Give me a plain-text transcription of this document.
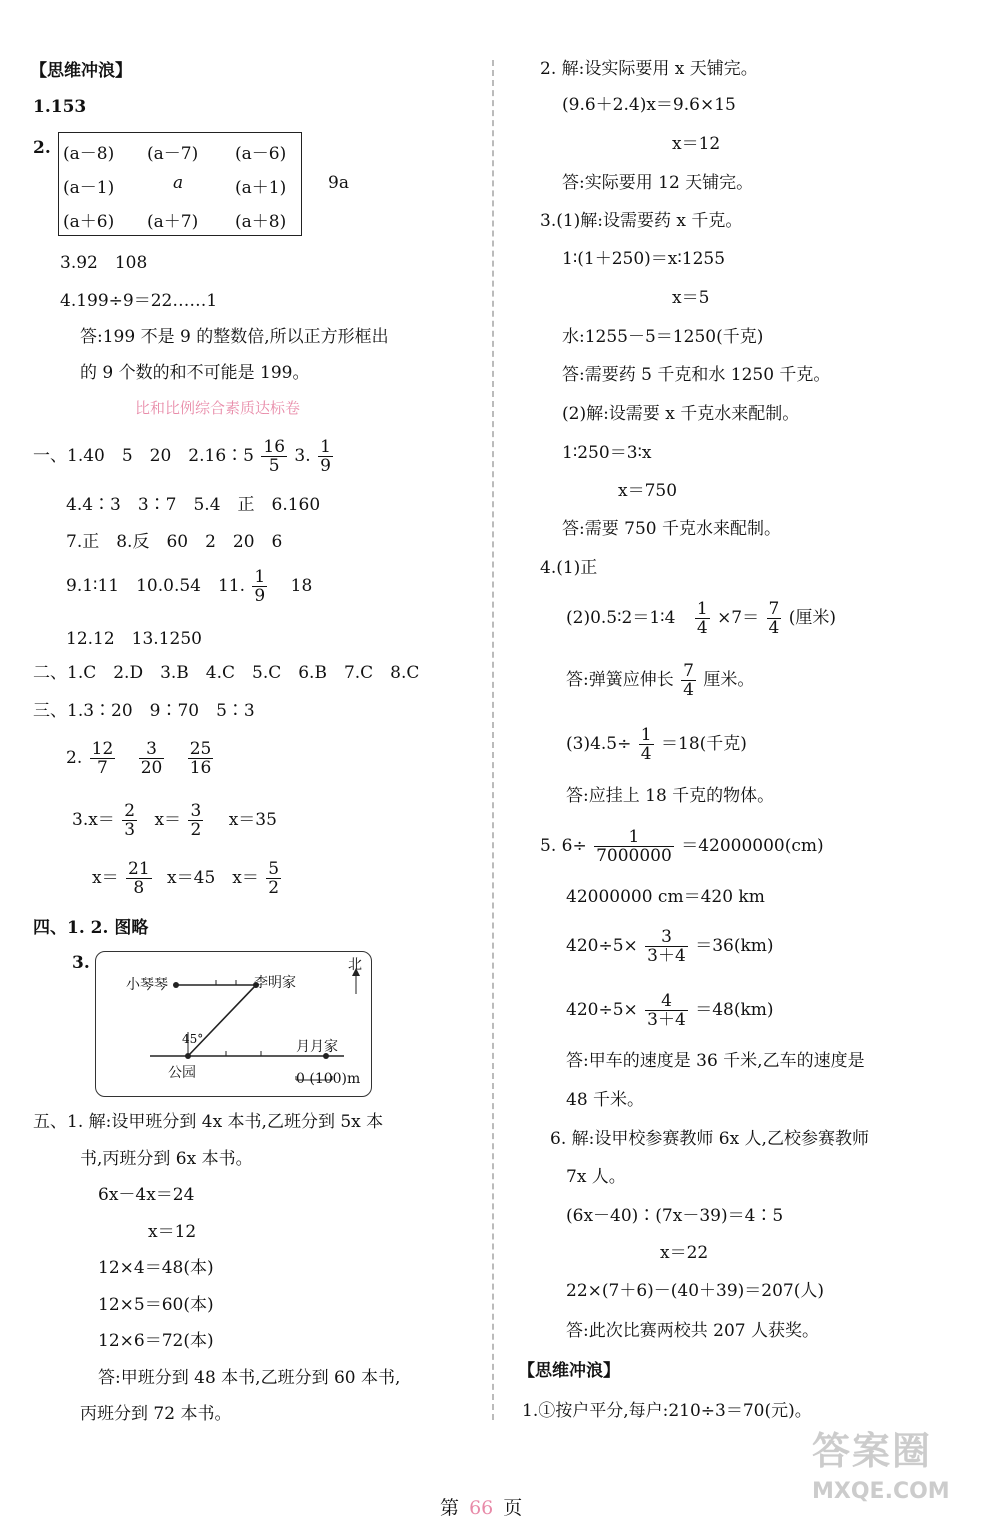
【思维冲浪】
1.153
2. (a－8) (a－7) (a－6)
(a－1)	a	(a＋1)
(a＋6) (a＋7) (a＋8)
9a
3.92　108
4.199÷9＝22……1
答:199 不是 9 的整数倍,所以正方形框出
的 9 个数的和不可能是 199。
比和比例综合素质达标卷
一、1.40　5　20　2.16∶5 $\frac{16}{5} 3$. $\frac{1}{9}$
4.4∶3　3∶7　5.4　正　6.160
7.正　8.反　60　2　20　6
9.1∶11　10.0.54　11. $\frac{1}{9} 18$
12.12　13.1250
二、1.C　2.D　3.B　4.C　5.C　6.B　7.C　8.C
三、1.3∶20　9∶70　5∶3
2. $\frac{12}{7}$
$\frac{3}{20}$
$\frac{25}{16}$
$3.x= \frac{2}{3} x= \frac{3}{2} x=35$
$x= \frac{21}{8} x=45$　$x= \frac{5}{2}$
四、1. 2. 图略
3.	北
小琴琴	李明家
月月家
公园
45°
0 (100)m
五、1. 解:设甲班分到 4x 本书,乙班分到 5x 本
书,丙班分到 6x 本书。
6x－4x＝24
x＝12
12×4＝48(本)
12×5＝60(本)
12×6＝72(本)
答:甲班分到 48 本书,乙班分到 60 本书,
丙班分到 72 本书。
2. 解:设实际要用 x 天铺完。
(9.6＋2.4)x＝9.6×15
x＝12
答:实际要用 12 天铺完。
3.(1)解:设需要药 x 千克。
1∶(1＋250)＝x∶1255
x＝5
水:1255－5＝1250(千克)
答:需要药 5 千克和水 1250 千克。
(2)解:设需要 x 千克水来配制。
1∶250＝3∶x
x＝750
答:需要 750 千克水来配制。
4.(1)正
(2)0.5∶2＝1∶4 $\frac{1}{4} \times 7= \frac{7}{4}$ (厘米)
答:弹簧应伸长 $\frac{7}{4}$ 厘米。
$(3)4.5\div \frac{1}{4} =18$(千克)
答:应挂上 18 千克的物体。
5. $6\div \frac{1}{7000000} =42000000(cm)$
42000000 cm＝420 km
$420\div 5\times \frac{3}{3+4} =36(km)$
$420\div 5\times \frac{4}{3+4} =48(km)$
答:甲车的速度是 36 千米,乙车的速度是
48 千米。
6. 解:设甲校参赛教师 6x 人,乙校参赛教师
7x 人。
(6x－40)∶(7x－39)＝4∶5
x＝22
22×(7＋6)－(40＋39)＝207(人)
答:此次比赛两校共 207 人获奖。
【思维冲浪】
1.①按户平分,每户:210÷3＝70(元)。
第 66 页
答案圈
MXQE.COM
